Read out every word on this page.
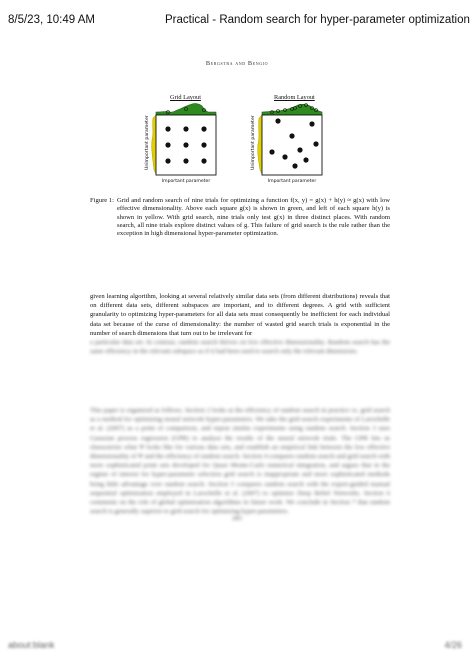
8/5/23, 10:49 AM	Practical - Random search for hyper-parameter optimization
Bergstra and Bengio
Grid Layout	Random Layout
Unimportant parameter
Important parameter
Unimportant parameter
Important parameter
Figure 1: Grid and random search of nine trials for optimizing a function f(x, y) = g(x) + h(y) ≈ g(x) with low effective dimensionality. Above each square g(x) is shown in green, and left of each square h(y) is shown in yellow. With grid search, nine trials only test g(x) in three distinct places. With random search, all nine trials explore distinct values of g. This failure of grid search is the rule rather than the exception in high dimensional hyper-parameter optimization.
given learning algorithm, looking at several relatively similar data sets (from different distributions) reveals that on different data sets, different subspaces are important, and to different degrees. A grid with sufficient granularity to optimizing hyper-parameters for all data sets must consequently be inefficient for each individual data set because of the curse of dimensionality: the number of wasted grid search trials is exponential in the number of search dimensions that turn out to be irrelevant for
a particular data set. In contrast, random search thrives on low effective dimensionality. Random search has the same efficiency in the relevant subspace as if it had been used to search only the relevant dimensions.
This paper is organized as follows. Section 2 looks at the efficiency of random search in practice vs. grid search as a method for optimizing neural network hyper-parameters. We take the grid search experiments of Larochelle et al. (2007) as a point of comparison, and repeat similar experiments using random search. Section 3 uses Gaussian process regression (GPR) to analyze the results of the neural network trials. The GPR lets us characterize what Ψ looks like for various data sets, and establish an empirical link between the low effective dimensionality of Ψ and the efficiency of random search. Section 4 compares random search and grid search with more sophisticated point sets developed for Quasi Monte-Carlo numerical integration, and argues that in the regime of interest for hyper-parameter selection grid search is inappropriate and more sophisticated methods bring little advantage over random search. Section 5 compares random search with the expert-guided manual sequential optimization employed in Larochelle et al. (2007) to optimize Deep Belief Networks. Section 6 comments on the role of global optimization algorithms in future work. We conclude in Section 7 that random search is generally superior to grid search for optimizing hyper-parameters.
283
about:blank	4/26
